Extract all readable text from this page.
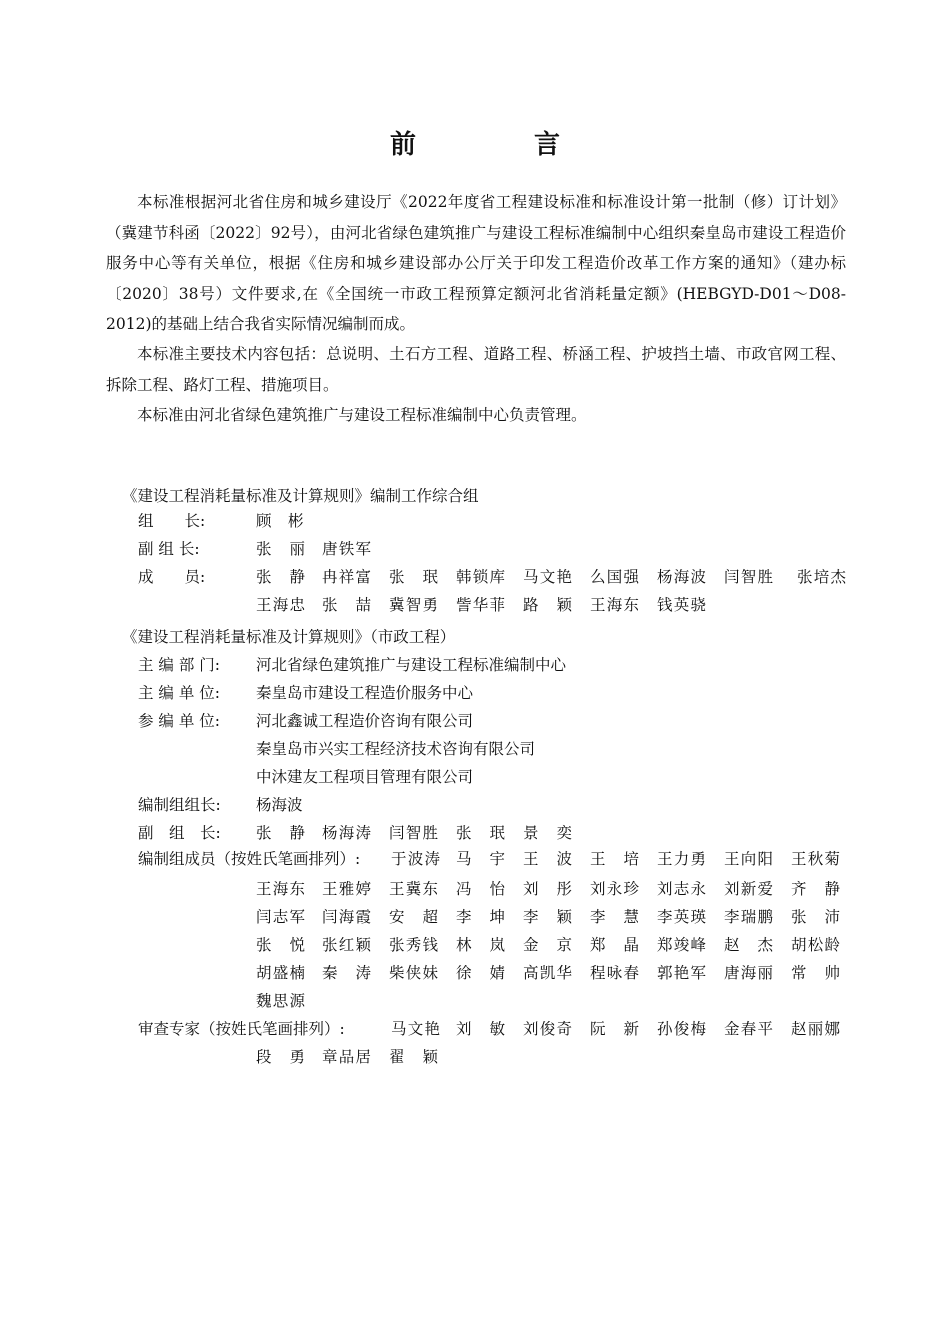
前　言

本标准根据河北省住房和城乡建设厅《2022年度省工程建设标准和标准设计第一批制（修）订计划》（冀建节科函〔2022〕92号），由河北省绿色建筑推广与建设工程标准编制中心组织秦皇岛市建设工程造价服务中心等有关单位，根据《住房和城乡建设部办公厅关于印发工程造价改革工作方案的通知》（建办标〔2020〕38号）文件要求,在《全国统一市政工程预算定额河北省消耗量定额》(HEBGYD-D01～D08-2012)的基础上结合我省实际情况编制而成。

本标准主要技术内容包括：总说明、土石方工程、道路工程、桥涵工程、护坡挡土墙、市政官网工程、拆除工程、路灯工程、措施项目。

本标准由河北省绿色建筑推广与建设工程标准编制中心负责管理。

《建设工程消耗量标准及计算规则》编制工作综合组
组　　长:	顾 彬
副 组 长:	张　丽 唐铁军
成　　员:	张　静 冉祥富 张　珉 韩锁库 马文艳 么国强 杨海波 闫智胜 张培杰
王海忠 张　喆 冀智勇 訾华菲 路　颖 王海东 钱英骁
《建设工程消耗量标准及计算规则》（市政工程）
主 编 部 门: 河北省绿色建筑推广与建设工程标准编制中心
主 编 单 位: 秦皇岛市建设工程造价服务中心
参 编 单 位: 河北鑫诚工程造价咨询有限公司
秦皇岛市兴实工程经济技术咨询有限公司
中沐建友工程项目管理有限公司
编制组组长: 杨海波
副　组　长: 张　静 杨海涛 闫智胜 张　珉 景　奕
编制组成员（按姓氏笔画排列）: 于波涛 马　宇 王　波 王　培 王力勇 王向阳 王秋菊
王海东 王雅婷 王冀东 冯　怡 刘　彤 刘永珍 刘志永 刘新爱 齐　静
闫志军 闫海霞 安　超 李　坤 李　颖 李　慧 李英瑛 李瑞鹏 张　沛
张　悦 张红颖 张秀钱 林　岚 金　京 郑　晶 郑竣峰 赵　杰 胡松龄
胡盛楠 秦　涛 柴侠妹 徐　婧 高凯华 程咏春 郭艳军 唐海丽 常　帅
魏思源
审查专家（按姓氏笔画排列）:	马文艳 刘　敏 刘俊奇 阮　新 孙俊梅 金春平 赵丽娜
段　勇 章品居 翟　颖
